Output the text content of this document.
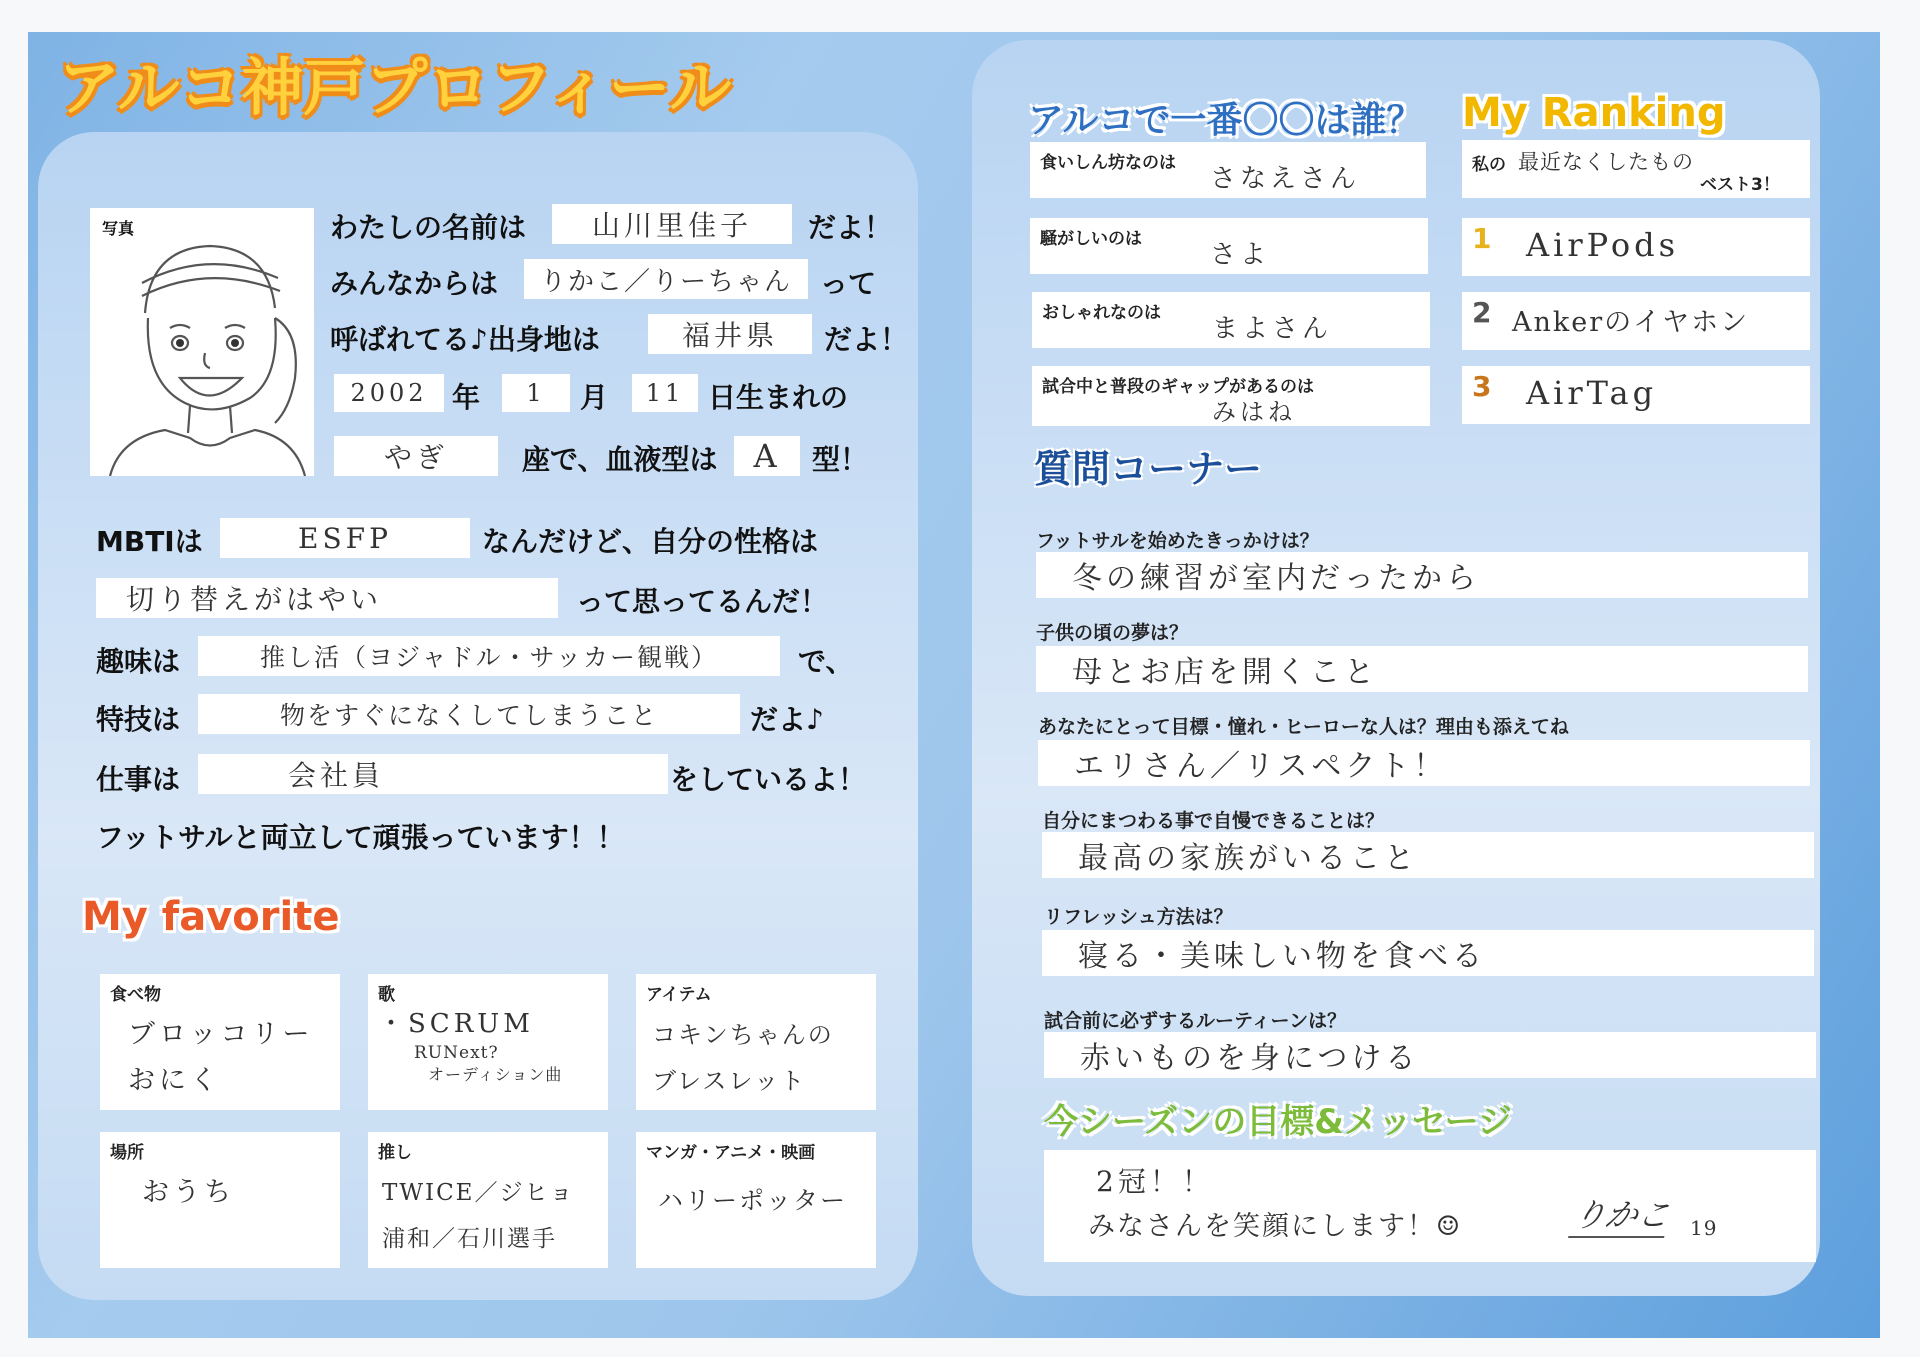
アルコ神戸プロフィール
写真	わたしの名前は	山川里佳子	だよ！
みんなからは	りかこ／りーちゃん	って
呼ばれてる♪出身地は	福井県	だよ！
2002 年	1	月	11 日生まれの
やぎ	座で、血液型は	A	型！
MBTIは	ESFP	なんだけど、自分の性格は
切り替えがはやい	って思ってるんだ！
趣味は	推し活（ヨジャドル・サッカー観戦）	で、
特技は	物をすぐになくしてしまうこと	だよ♪
仕事は	会社員	をしているよ！
フットサルと両立して頑張っています！！
My favorite
食べ物
ブロッコリー
おにく
歌
・SCRUM
RUNext?
オーディション曲
アイテム
コキンちゃんの
ブレスレット
場所
おうち
推し
TWICE／ジヒョ
浦和／石川選手
マンガ・アニメ・映画
ハリーポッター
アルコで一番〇〇は誰？ My Ranking
食いしん坊なのは
さなえさん
騒がしいのは
さよ
おしゃれなのは
まよさん
試合中と普段のギャップがあるのは
みはね
私の 最近なくしたもの
ベスト3！
1 AirPods
2 Ankerのイヤホン
3 AirTag
質問コーナー
フットサルを始めたきっかけは？
冬の練習が室内だったから
子供の頃の夢は？
母とお店を開くこと
あなたにとって目標・憧れ・ヒーローな人は？理由も添えてね
エリさん／リスペクト！
自分にまつわる事で自慢できることは？
最高の家族がいること
リフレッシュ方法は？
寝る・美味しい物を食べる
試合前に必ずするルーティーンは？
赤いものを身につける
今シーズンの目標&メッセージ
2冠！！
みなさんを笑顔にします！☺	りかこ 19
